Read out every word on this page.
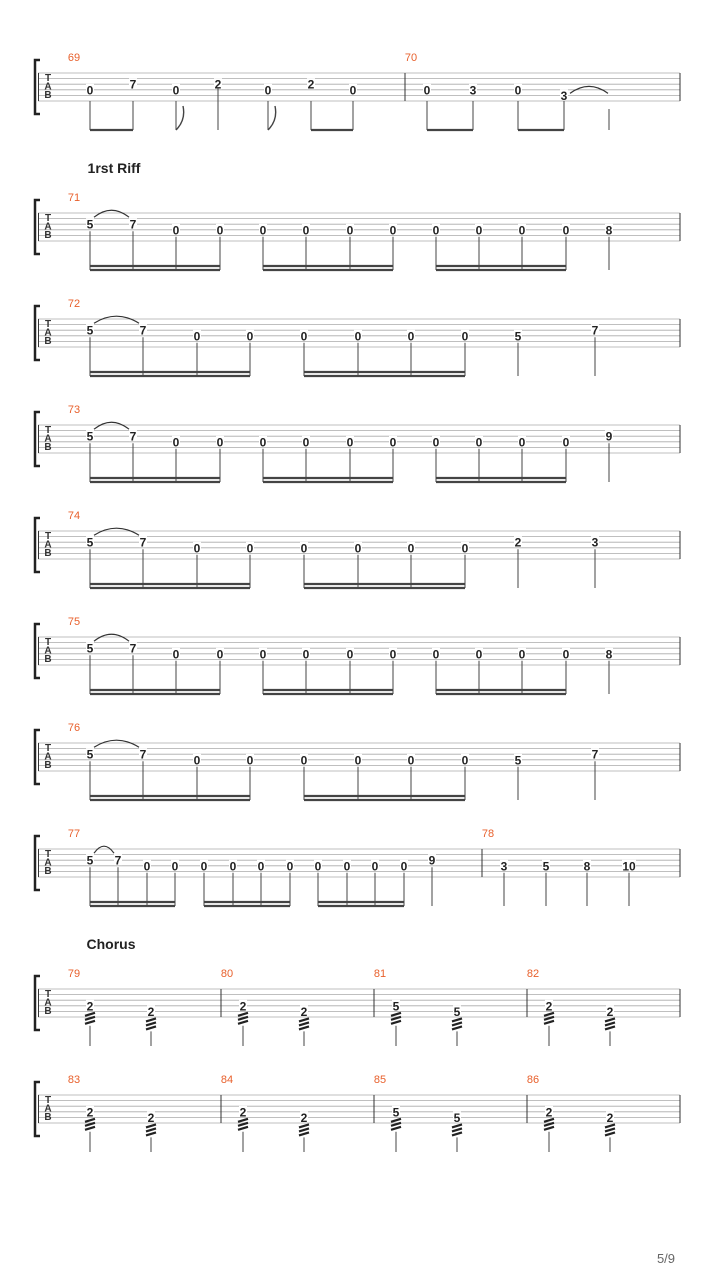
T
A
B
69	70
0	7	0	2	0	2	0	0	3	0	3
1rst Riff
Chorus
T
A
B
71
5	7	0	0	0	0	0	0	0	0	0	0	8
T
A
B
72
5	7	0	0	0	0	0	0	5	7
T
A
B
73
5	7	0	0	0	0	0	0	0	0	0	0	9
T
A
B
74
5	7	0	0	0	0	0	0	2	3
T
A
B
75
5	7	0	0	0	0	0	0	0	0	0	0	8
T
A
B
76
5	7	0	0	0	0	0	0	5	7
T
A
B
77	78
5 7 0 0 0 0 0 0 0 0 0 0 9	3	5	8	10
T
A
B
79
2	2
80
2	2
81
5	5
82
2	2
T
A
B
83
2	2
84
2	2
85
5	5
86
2	2
5/9
